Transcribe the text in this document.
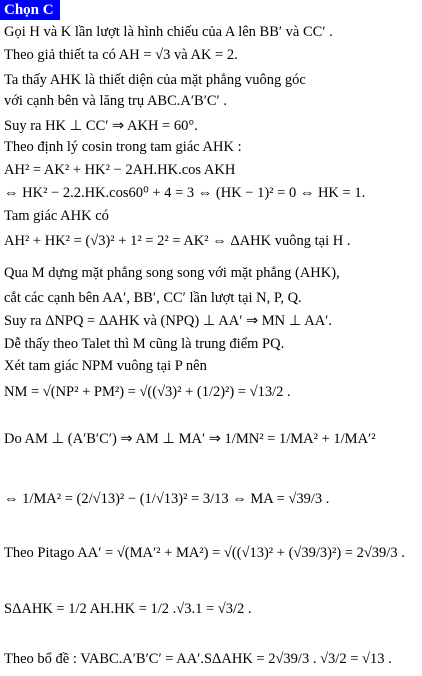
Chọn C
Gọi H và K lần lượt là hình chiếu của A lên BB′ và CC′ .
Theo giả thiết ta có AH = √3 và AK = 2.
Ta thấy AHK là thiết diện của mặt phẳng vuông góc
với cạnh bên và lăng trụ ABC.A′B′C′ .
Suy ra HK ⊥ CC′ ⇒ AKH = 60°.
Theo định lý cosin trong tam giác AHK :
AH² = AK² + HK² − 2AH.HK.cos AKH
⇔ HK² − 2.2.HK.cos60⁰ + 4 = 3 ⇔ (HK − 1)² = 0 ⇔ HK = 1.
Tam giác AHK có
AH² + HK² = (√3)² + 1² = 2² = AK² ⇔ ΔAHK vuông tại H .
Qua M dựng mặt phẳng song song với mặt phẳng (AHK),
cắt các cạnh bên AA′, BB′, CC′ lần lượt tại N, P, Q.
Suy ra ΔNPQ = ΔAHK và (NPQ) ⊥ AA′ ⇒ MN ⊥ AA′.
Dễ thấy theo Talet thì M cũng là trung điểm PQ.
Xét tam giác NPM vuông tại P nên
NM = √(NP² + PM²) = √((√3)² + (1/2)²) = √13/2 .
Do AM ⊥ (A′B′C′) ⇒ AM ⊥ MA′ ⇒ 1/MN² = 1/MA² + 1/MA′²
⇔ 1/MA² = (2/√13)² − (1/√13)² = 3/13 ⇔ MA = √39/3 .
Theo Pitago AA′ = √(MA′² + MA²) = √((√13)² + (√39/3)²) = 2√39/3 .
SΔAHK = 1/2 AH.HK = 1/2 .√3.1 = √3/2 .
Theo bổ đề : VABC.A′B′C′ = AA′.SΔAHK = 2√39/3 . √3/2 = √13 .
